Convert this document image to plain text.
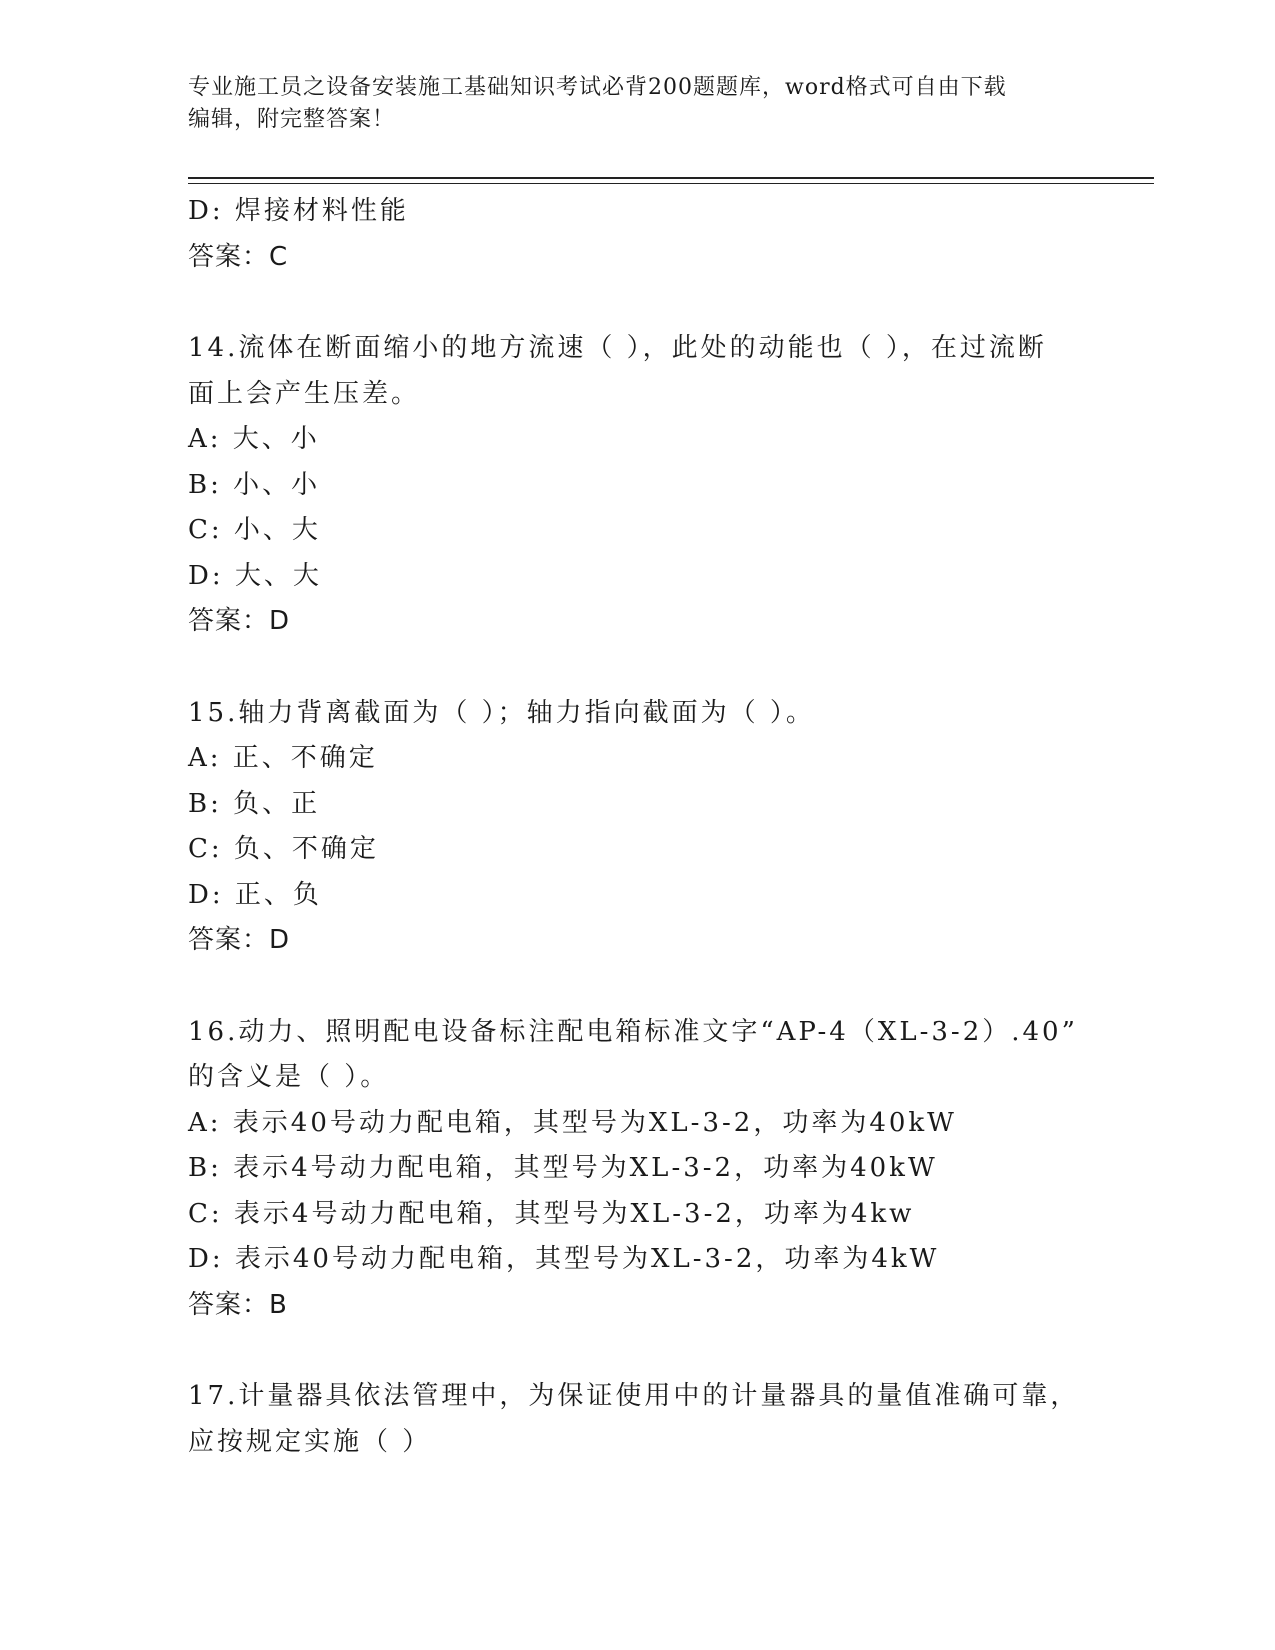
专业施工员之设备安装施工基础知识考试必背200题题库，word格式可自由下载
编辑，附完整答案！
D: 焊接材料性能
答案：C
14.流体在断面缩小的地方流速（ ），此处的动能也（ ），在过流断
面上会产生压差。
A: 大、小
B: 小、小
C: 小、大
D: 大、大
答案：D
15.轴力背离截面为（ ）；轴力指向截面为（ ）。
A: 正、不确定
B: 负、正
C: 负、不确定
D: 正、负
答案：D
16.动力、照明配电设备标注配电箱标准文字“AP-4（XL-3-2）.40”
的含义是（ ）。
A: 表示40号动力配电箱，其型号为XL-3-2，功率为40kW
B: 表示4号动力配电箱，其型号为XL-3-2，功率为40kW
C: 表示4号动力配电箱，其型号为XL-3-2，功率为4kw
D: 表示40号动力配电箱，其型号为XL-3-2，功率为4kW
答案：B
17.计量器具依法管理中，为保证使用中的计量器具的量值准确可靠，
应按规定实施（ ）
